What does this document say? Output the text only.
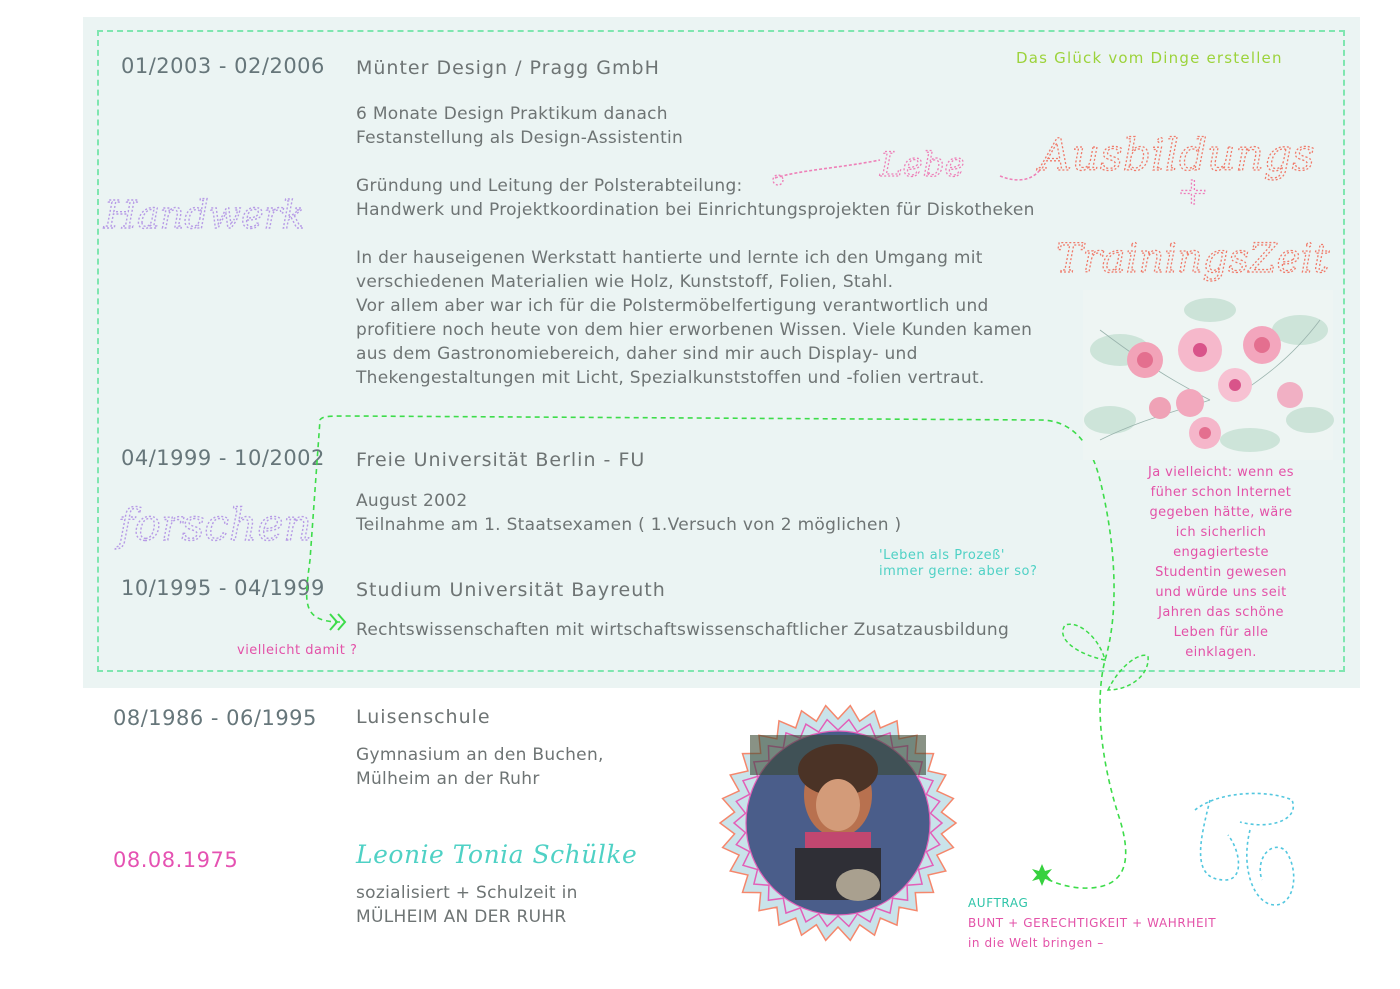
Das Glück vom Dinge erstellen
01/2003 - 02/2006 Münter Design / Pragg GmbH
6 Monate Design Praktikum danach
Festanstellung als Design-Assistentin
Gründung und Leitung der Polsterabteilung:
Handwerk und Projektkoordination bei Einrichtungsprojekten für Diskotheken
In der hauseigenen Werkstatt hantierte und lernte ich den Umgang mit
verschiedenen Materialien wie Holz, Kunststoff, Folien, Stahl.
Vor allem aber war ich für die Polstermöbelfertigung verantwortlich und
profitiere noch heute von dem hier erworbenen Wissen. Viele Kunden kamen
aus dem Gastronomiebereich, daher sind mir auch Display- und
Thekengestaltungen mit Licht, Spezialkunststoffen und -folien vertraut.
04/1999 - 10/2002 Freie Universität Berlin - FU
August 2002
Teilnahme am 1. Staatsexamen ( 1.Versuch von 2 möglichen )
10/1995 - 04/1999 Studium Universität Bayreuth
Rechtswissenschaften mit wirtschaftswissenschaftlicher Zusatzausbildung
08/1986 - 06/1995 Luisenschule
Gymnasium an den Buchen,
Mülheim an der Ruhr
08.08.1975	Leonie Tonia Schülke
sozialisiert + Schulzeit in
MÜLHEIM AN DER RUHR
'Leben als Prozeß'
immer gerne: aber so?
vielleicht damit ?
Ja vielleicht: wenn es
füher schon Internet
gegeben hätte, wäre
ich sicherlich
engagierteste
Studentin gewesen
und würde uns seit
Jahren das schöne
Leben für alle
einklagen.
AUFTRAG
BUNT + GERECHTIGKEIT + WAHRHEIT
in die Welt bringen –
Handwerk
forschen
Lebe Ausbildungs
+
TrainingsZeit
